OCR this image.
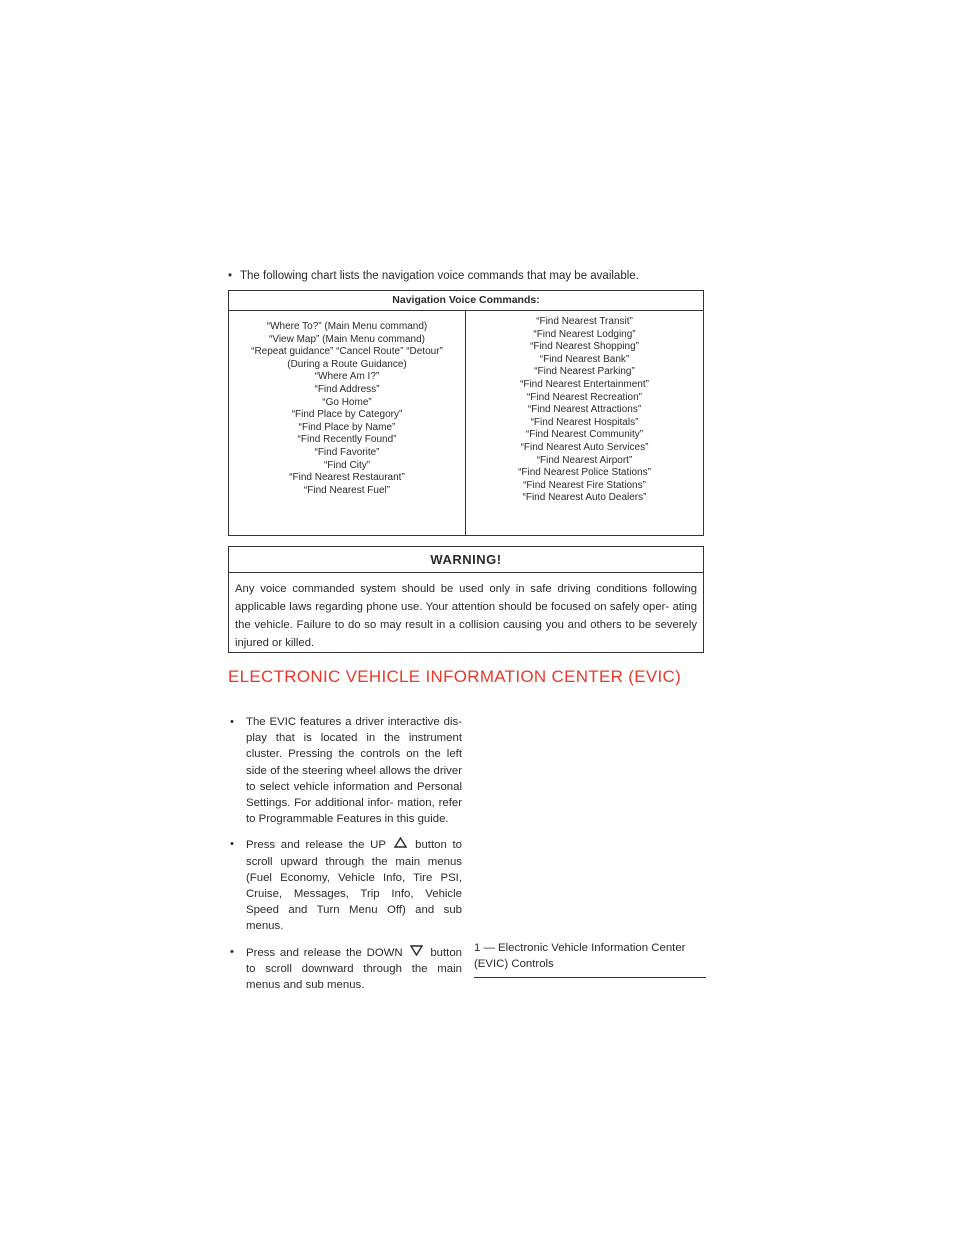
• The following chart lists the navigation voice commands that may be available.
Navigation Voice Commands:
“Where To?” (Main Menu command)
“View Map” (Main Menu command)
“Repeat guidance” “Cancel Route” “Detour”
(During a Route Guidance)
“Where Am I?”
“Find Address”
“Go Home”
“Find Place by Category”
“Find Place by Name”
“Find Recently Found”
“Find Favorite”
“Find City”
“Find Nearest Restaurant”
“Find Nearest Fuel”
“Find Nearest Transit”
“Find Nearest Lodging”
“Find Nearest Shopping”
“Find Nearest Bank”
“Find Nearest Parking”
“Find Nearest Entertainment”
“Find Nearest Recreation”
“Find Nearest Attractions”
“Find Nearest Hospitals”
“Find Nearest Community”
“Find Nearest Auto Services”
“Find Nearest Airport”
“Find Nearest Police Stations”
“Find Nearest Fire Stations”
“Find Nearest Auto Dealers”
WARNING!
Any voice commanded system should be used only in safe driving conditions following applicable laws regarding phone use. Your attention should be focused on safely oper- ating the vehicle. Failure to do so may result in a collision causing you and others to be severely injured or killed.
ELECTRONIC VEHICLE INFORMATION CENTER (EVIC)
• The EVIC features a driver interactive dis- play that is located in the instrument cluster. Pressing the controls on the left side of the steering wheel allows the driver to select vehicle information and Personal Settings. For additional infor- mation, refer to Programmable Features in this guide.
• Press and release the UP	button to scroll upward through the main menus (Fuel Economy, Vehicle Info, Tire PSI, Cruise, Messages, Trip Info, Vehicle Speed and Turn Menu Off) and sub menus.
• Press and release the DOWN button to scroll downward through the main menus and sub menus.
1 — Electronic Vehicle Information Center (EVIC) Controls
